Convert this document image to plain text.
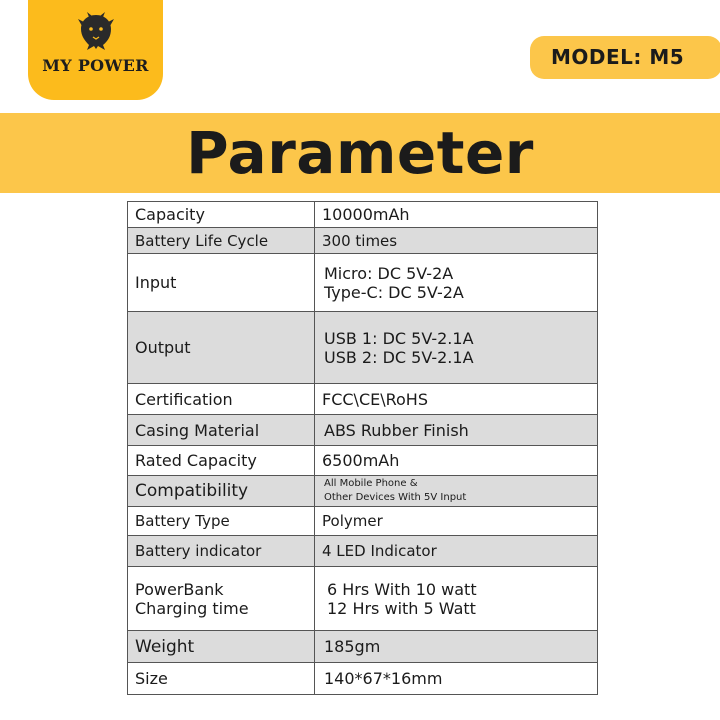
MY POWER	MODEL: M5
Parameter
Capacity	10000mAh
Battery Life Cycle	300 times
Input	Micro: DC 5V-2A
Type-C: DC 5V-2A

Output	USB 1: DC 5V-2.1A
USB 2: DC 5V-2.1A

Certification	FCC\CE\RoHS
Casing Material	ABS Rubber Finish
Rated Capacity	6500mAh
Compatibility	All Mobile Phone &
Other Devices With 5V Input

Battery Type	Polymer
Battery indicator	4 LED Indicator

PowerBank
Charging time	6 Hrs With 10 watt
12 Hrs with 5 Watt

Weight	185gm
Size	140*67*16mm
